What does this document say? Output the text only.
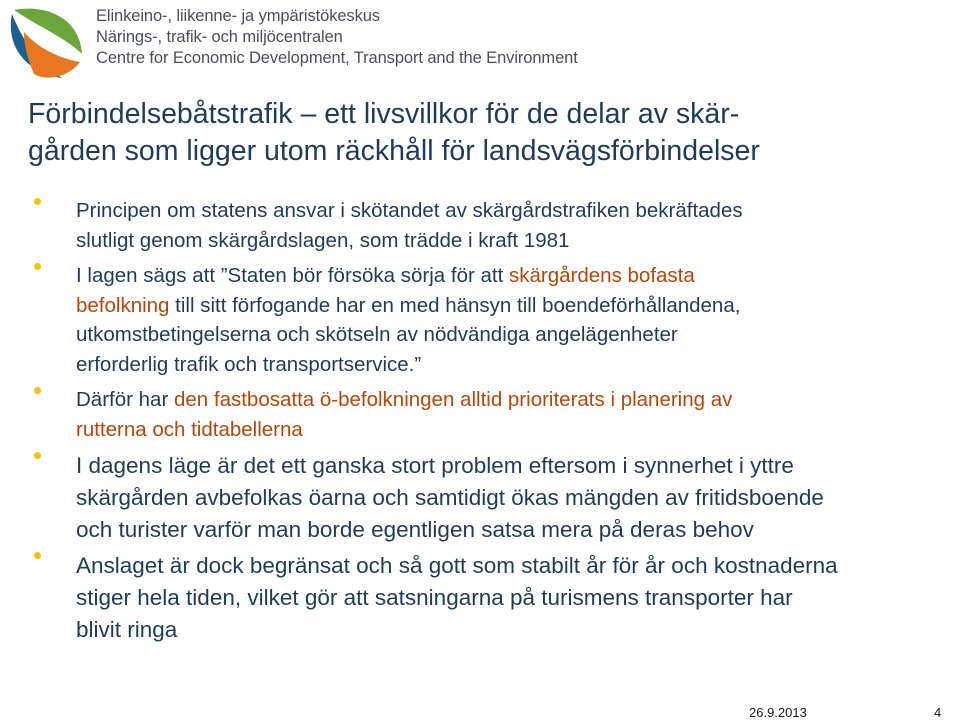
Elinkeino-, liikenne- ja ympäristökeskus
Närings-, trafik- och miljöcentralen
Centre for Economic Development, Transport and the Environment
Förbindelsebåtstrafik – ett livsvillkor för de delar av skär-
gården som ligger utom räckhåll för landsvägsförbindelser
Principen om statens ansvar i skötandet av skärgårdstrafiken bekräftades
slutligt genom skärgårdslagen, som trädde i kraft 1981
I lagen sägs att ”Staten bör försöka sörja för att skärgårdens bofasta
befolkning till sitt förfogande har en med hänsyn till boendeförhållandena,
utkomstbetingelserna och skötseln av nödvändiga angelägenheter
erforderlig trafik och transportservice.”
Därför har den fastbosatta ö-befolkningen alltid prioriterats i planering av
rutterna och tidtabellerna
I dagens läge är det ett ganska stort problem eftersom i synnerhet i yttre
skärgården avbefolkas öarna och samtidigt ökas mängden av fritidsboende
och turister varför man borde egentligen satsa mera på deras behov
Anslaget är dock begränsat och så gott som stabilt år för år och kostnaderna
stiger hela tiden, vilket gör att satsningarna på turismens transporter har
blivit ringa
26.9.2013	4
